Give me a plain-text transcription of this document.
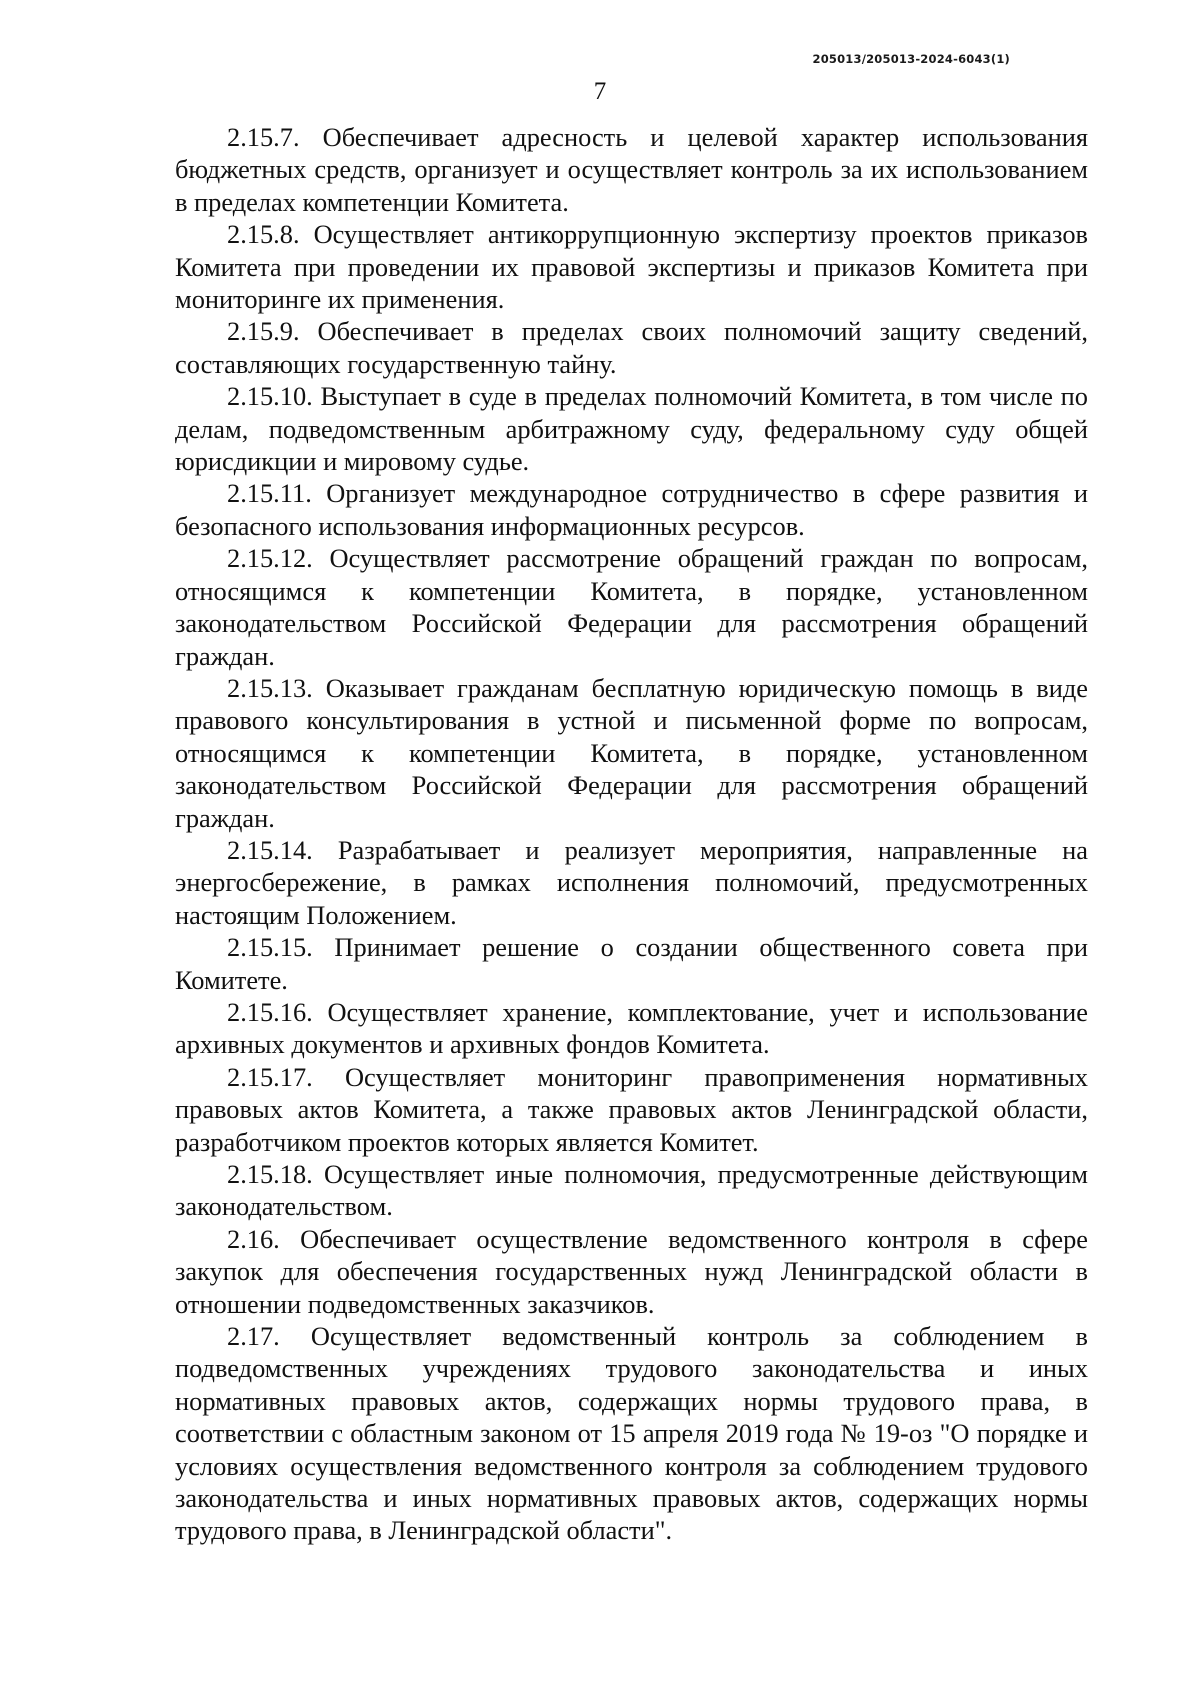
205013/205013-2024-6043(1)
7

2.15.7. Обеспечивает адресность и целевой характер использования бюджетных средств, организует и осуществляет контроль за их использованием в пределах компетенции Комитета.

2.15.8. Осуществляет антикоррупционную экспертизу проектов приказов Комитета при проведении их правовой экспертизы и приказов Комитета при мониторинге их применения.

2.15.9. Обеспечивает в пределах своих полномочий защиту сведений, составляющих государственную тайну.

2.15.10. Выступает в суде в пределах полномочий Комитета, в том числе по делам, подведомственным арбитражному суду, федеральному суду общей юрисдикции и мировому судье.

2.15.11. Организует международное сотрудничество в сфере развития и безопасного использования информационных ресурсов.

2.15.12. Осуществляет рассмотрение обращений граждан по вопросам, относящимся к компетенции Комитета, в порядке, установленном законодательством Российской Федерации для рассмотрения обращений граждан.

2.15.13. Оказывает гражданам бесплатную юридическую помощь в виде правового консультирования в устной и письменной форме по вопросам, относящимся к компетенции Комитета, в порядке, установленном законодательством Российской Федерации для рассмотрения обращений граждан.

2.15.14. Разрабатывает и реализует мероприятия, направленные на энергосбережение, в рамках исполнения полномочий, предусмотренных настоящим Положением.

2.15.15. Принимает решение о создании общественного совета при Комитете.

2.15.16. Осуществляет хранение, комплектование, учет и использование архивных документов и архивных фондов Комитета.

2.15.17. Осуществляет мониторинг правоприменения нормативных правовых актов Комитета, а также правовых актов Ленинградской области, разработчиком проектов которых является Комитет.

2.15.18. Осуществляет иные полномочия, предусмотренные действующим законодательством.

2.16. Обеспечивает осуществление ведомственного контроля в сфере закупок для обеспечения государственных нужд Ленинградской области в отношении подведомственных заказчиков.

2.17. Осуществляет ведомственный контроль за соблюдением в подведомственных учреждениях трудового законодательства и иных нормативных правовых актов, содержащих нормы трудового права, в соответствии с областным законом от 15 апреля 2019 года № 19-оз "О порядке и условиях осуществления ведомственного контроля за соблюдением трудового законодательства и иных нормативных правовых актов, содержащих нормы трудового права, в Ленинградской области".
